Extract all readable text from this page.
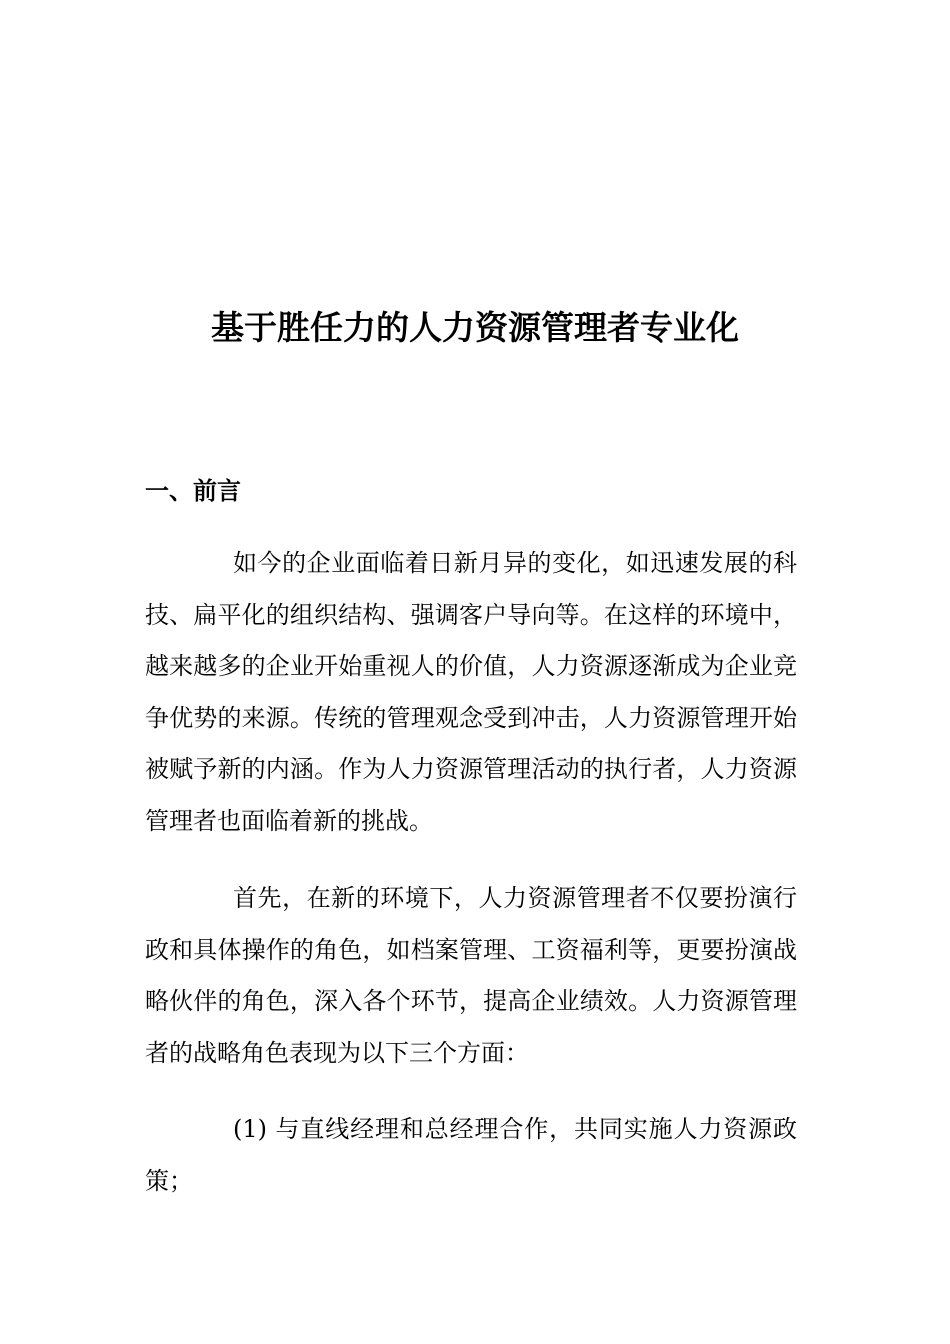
基于胜任力的人力资源管理者专业化
一、前言

如今的企业面临着日新月异的变化，如迅速发展的科技、扁平化的组织结构、强调客户导向等。在这样的环境中，越来越多的企业开始重视人的价值，人力资源逐渐成为企业竞争优势的来源。传统的管理观念受到冲击，人力资源管理开始被赋予新的内涵。作为人力资源管理活动的执行者，人力资源管理者也面临着新的挑战。

首先，在新的环境下，人力资源管理者不仅要扮演行政和具体操作的角色，如档案管理、工资福利等，更要扮演战略伙伴的角色，深入各个环节，提高企业绩效。人力资源管理者的战略角色表现为以下三个方面：

(1) 与直线经理和总经理合作，共同实施人力资源政策；
